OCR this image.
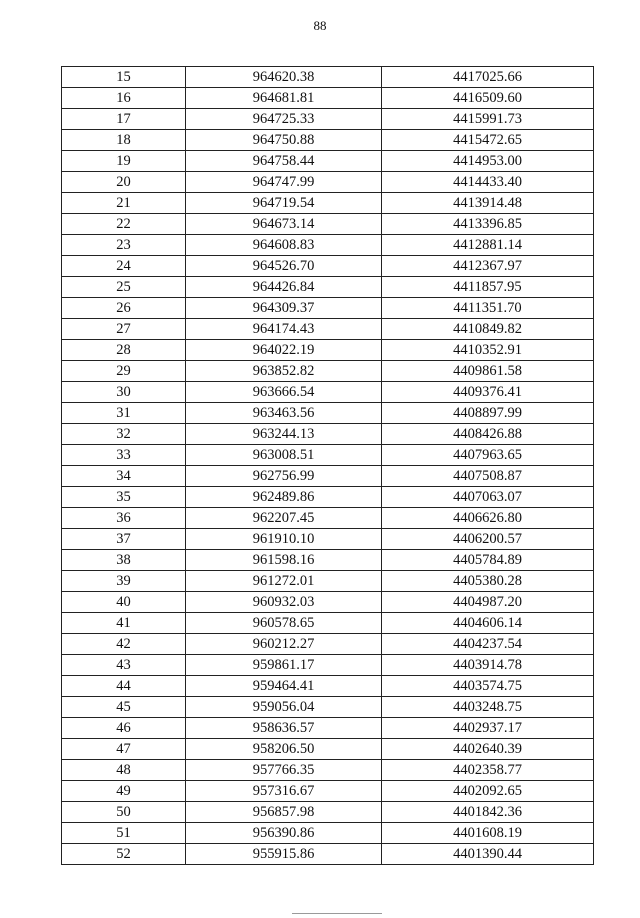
88
15	964620.38	4417025.66
16	964681.81	4416509.60
17	964725.33	4415991.73
18	964750.88	4415472.65
19	964758.44	4414953.00
20	964747.99	4414433.40
21	964719.54	4413914.48
22	964673.14	4413396.85
23	964608.83	4412881.14
24	964526.70	4412367.97
25	964426.84	4411857.95
26	964309.37	4411351.70
27	964174.43	4410849.82
28	964022.19	4410352.91
29	963852.82	4409861.58
30	963666.54	4409376.41
31	963463.56	4408897.99
32	963244.13	4408426.88
33	963008.51	4407963.65
34	962756.99	4407508.87
35	962489.86	4407063.07
36	962207.45	4406626.80
37	961910.10	4406200.57
38	961598.16	4405784.89
39	961272.01	4405380.28
40	960932.03	4404987.20
41	960578.65	4404606.14
42	960212.27	4404237.54
43	959861.17	4403914.78
44	959464.41	4403574.75
45	959056.04	4403248.75
46	958636.57	4402937.17
47	958206.50	4402640.39
48	957766.35	4402358.77
49	957316.67	4402092.65
50	956857.98	4401842.36
51	956390.86	4401608.19
52	955915.86	4401390.44
